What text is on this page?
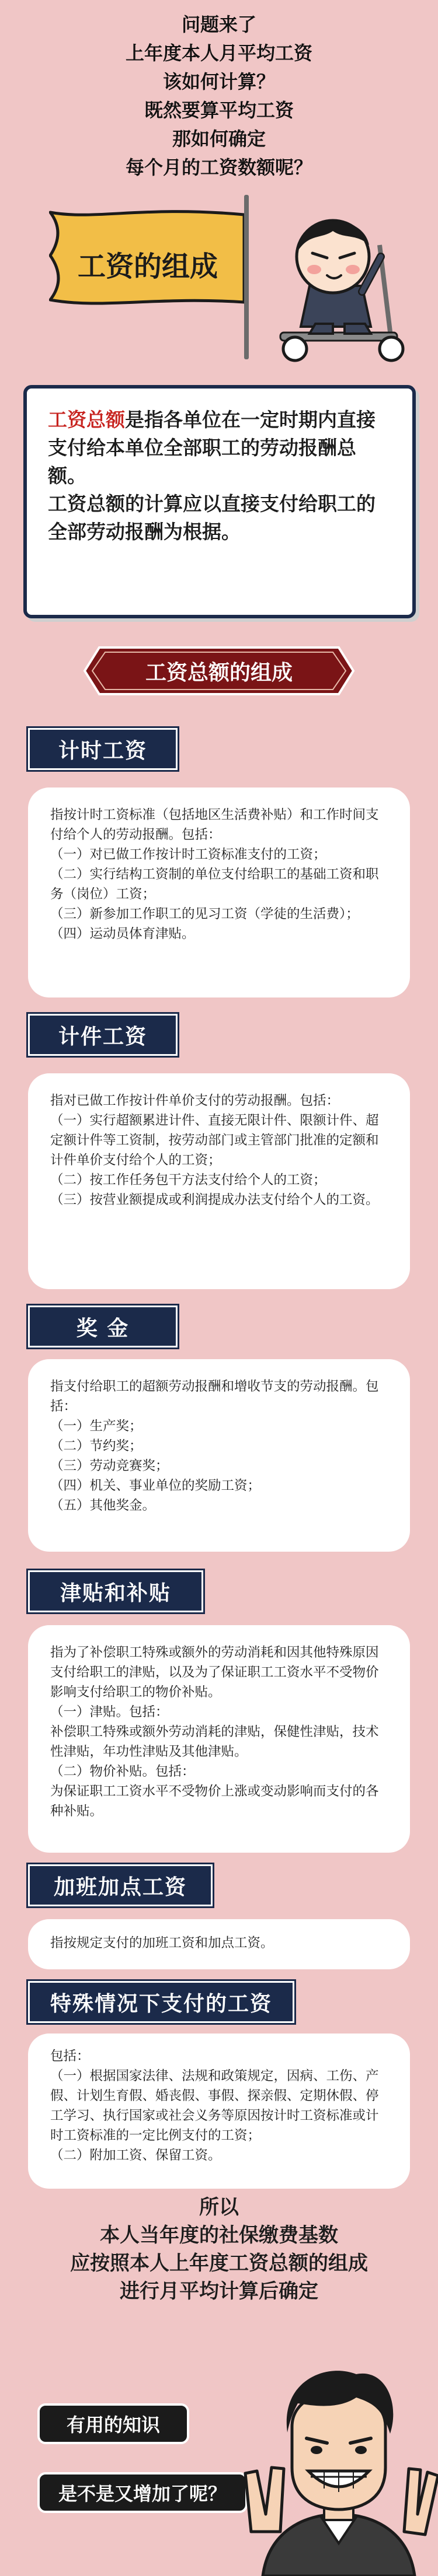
问题来了
上年度本人月平均工资
该如何计算？
既然要算平均工资
那如何确定
每个月的工资数额呢？
工资的组成

工资总额是指各单位在一定时期内直接支付给本单位全部职工的劳动报酬总额。

工资总额的计算应以直接支付给职工的全部劳动报酬为根据。

工资总额的组成
计时工资

指按计时工资标准（包括地区生活费补贴）和工作时间支付给个人的劳动报酬。包括：

（一）对已做工作按计时工资标准支付的工资；

（二）实行结构工资制的单位支付给职工的基础工资和职务（岗位）工资；

（三）新参加工作职工的见习工资（学徒的生活费）；

（四）运动员体育津贴。

计件工资

指对已做工作按计件单价支付的劳动报酬。包括：

（一）实行超额累进计件、直接无限计件、限额计件、超定额计件等工资制，按劳动部门或主管部门批准的定额和计件单价支付给个人的工资；

（二）按工作任务包干方法支付给个人的工资；

（三）按营业额提成或利润提成办法支付给个人的工资。

奖 金

指支付给职工的超额劳动报酬和增收节支的劳动报酬。包括：

（一）生产奖；

（二）节约奖；

（三）劳动竞赛奖；

（四）机关、事业单位的奖励工资；

（五）其他奖金。

津贴和补贴

指为了补偿职工特殊或额外的劳动消耗和因其他特殊原因支付给职工的津贴，以及为了保证职工工资水平不受物价影响支付给职工的物价补贴。

（一）津贴。包括：

补偿职工特殊或额外劳动消耗的津贴，保健性津贴，技术性津贴，年功性津贴及其他津贴。

（二）物价补贴。包括：

为保证职工工资水平不受物价上涨或变动影响而支付的各种补贴。

加班加点工资

指按规定支付的加班工资和加点工资。

特殊情况下支付的工资

包括：

（一）根据国家法律、法规和政策规定，因病、工伤、产假、计划生育假、婚丧假、事假、探亲假、定期休假、停工学习、执行国家或社会义务等原因按计时工资标准或计时工资标准的一定比例支付的工资；

（二）附加工资、保留工资。

所以
本人当年度的社保缴费基数
应按照本人上年度工资总额的组成
进行月平均计算后确定
有用的知识
是不是又增加了呢？
